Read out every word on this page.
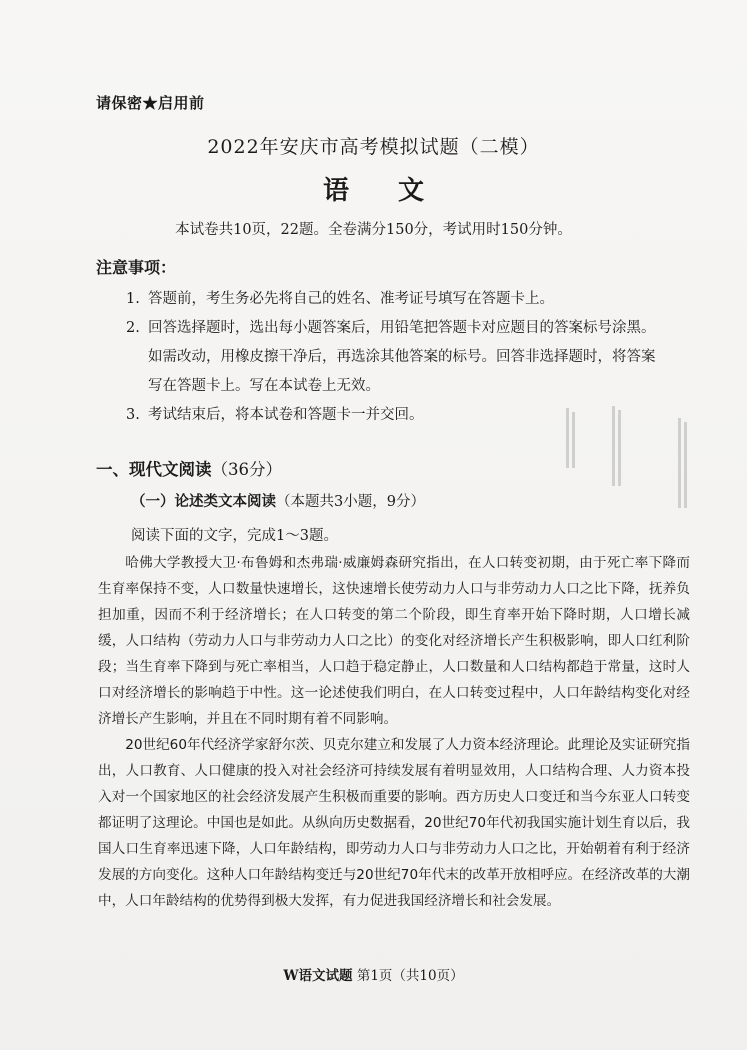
请保密★启用前
2022年安庆市高考模拟试题（二模）
语 文
本试卷共10页，22题。全卷满分150分，考试用时150分钟。
注意事项：
1. 答题前，考生务必先将自己的姓名、准考证号填写在答题卡上。
2. 回答选择题时，选出每小题答案后，用铅笔把答题卡对应题目的答案标号涂黑。
如需改动，用橡皮擦干净后，再选涂其他答案的标号。回答非选择题时，将答案
写在答题卡上。写在本试卷上无效。
3. 考试结束后，将本试卷和答题卡一并交回。
一、现代文阅读（36分）
（一）论述类文本阅读（本题共3小题，9分）
阅读下面的文字，完成1～3题。

哈佛大学教授大卫·布鲁姆和杰弗瑞·威廉姆森研究指出，在人口转变初期，由于死亡率下降而生育率保持不变，人口数量快速增长，这快速增长使劳动力人口与非劳动力人口之比下降，抚养负担加重，因而不利于经济增长；在人口转变的第二个阶段，即生育率开始下降时期，人口增长减缓，人口结构（劳动力人口与非劳动力人口之比）的变化对经济增长产生积极影响，即人口红利阶段；当生育率下降到与死亡率相当，人口趋于稳定静止，人口数量和人口结构都趋于常量，这时人口对经济增长的影响趋于中性。这一论述使我们明白，在人口转变过程中，人口年龄结构变化对经济增长产生影响，并且在不同时期有着不同影响。

20世纪60年代经济学家舒尔茨、贝克尔建立和发展了人力资本经济理论。此理论及实证研究指出，人口教育、人口健康的投入对社会经济可持续发展有着明显效用，人口结构合理、人力资本投入对一个国家地区的社会经济发展产生积极而重要的影响。西方历史人口变迁和当今东亚人口转变都证明了这理论。中国也是如此。从纵向历史数据看，20世纪70年代初我国实施计划生育以后，我国人口生育率迅速下降，人口年龄结构，即劳动力人口与非劳动力人口之比，开始朝着有利于经济发展的方向变化。这种人口年龄结构变迁与20世纪70年代末的改革开放相呼应。在经济改革的大潮中，人口年龄结构的优势得到极大发挥，有力促进我国经济增长和社会发展。

W语文试题 第1页（共10页）
